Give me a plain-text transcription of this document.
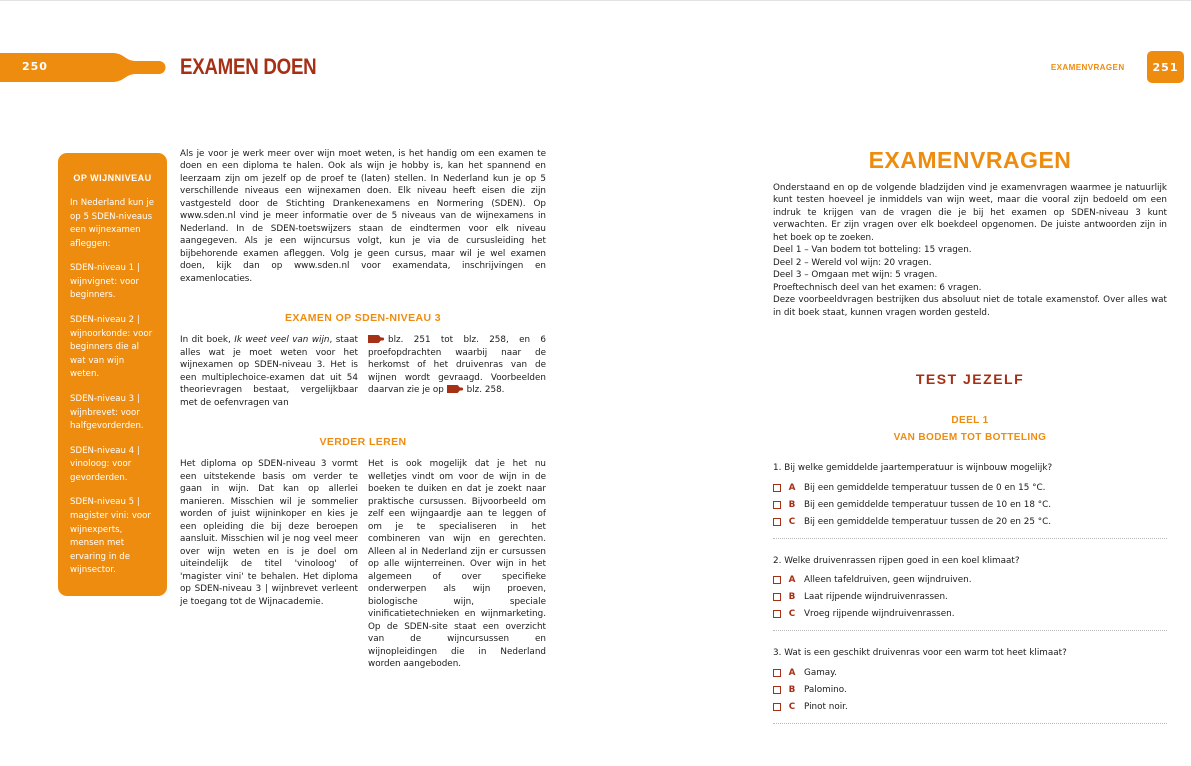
250	EXAMEN DOEN	EXAMENVRAGEN	251
OP WIJNNIVEAU

In Nederland kun je op 5 SDEN-niveaus een wijnexamen afleggen:

SDEN-niveau 1 | wijnvignet: voor beginners.

SDEN-niveau 2 | wijnoorkonde: voor beginners die al wat van wijn weten.

SDEN-niveau 3 | wijnbrevet: voor halfgevorderden.

SDEN-niveau 4 | vinoloog: voor gevorderden.

SDEN-niveau 5 | magister vini: voor wijnexperts, mensen met ervaring in de wijnsector.

Als je voor je werk meer over wijn moet weten, is het handig om een examen te doen en een diploma te halen. Ook als wijn je hobby is, kan het spannend en leerzaam zijn om jezelf op de proef te (laten) stellen. In Nederland kun je op 5 verschillende niveaus een wijnexamen doen. Elk niveau heeft eisen die zijn vastgesteld door de Stichting Drankenexamens en Normering (SDEN). Op www.sden.nl vind je meer informatie over de 5 niveaus van de wijnexamens in Nederland. In de SDEN-toetswijzers staan de eindtermen voor elk niveau aangegeven. Als je een wijncursus volgt, kun je via de cursusleiding het bijbehorende examen afleggen. Volg je geen cursus, maar wil je wel examen doen, kijk dan op www.sden.nl voor examendata, inschrijvingen en examenlocaties.

EXAMEN OP SDEN-NIVEAU 3

In dit boek, Ik weet veel van wijn, staat alles wat je moet weten voor het wijnexamen op SDEN-niveau 3. Het is een multiplechoice-examen dat uit 54 theorievragen bestaat, vergelijkbaar met de oefenvragen van

blz. 251 tot blz. 258, en 6 proefopdrachten waarbij naar de herkomst of het druivenras van de wijnen wordt gevraagd. Voorbeelden daarvan zie je op	blz. 258.

VERDER LEREN

Het diploma op SDEN-niveau 3 vormt een uitstekende basis om verder te gaan in wijn. Dat kan op allerlei manieren. Misschien wil je sommelier worden of juist wijninkoper en kies je een opleiding die bij deze beroepen aansluit. Misschien wil je nog veel meer over wijn weten en is je doel om uiteindelijk de titel 'vinoloog' of 'magister vini' te behalen. Het diploma op SDEN-niveau 3 | wijnbrevet verleent je toegang tot de Wijnacademie.

Het is ook mogelijk dat je het nu welletjes vindt om voor de wijn in de boeken te duiken en dat je zoekt naar praktische cursussen. Bijvoorbeeld om zelf een wijngaardje aan te leggen of om je te specialiseren in het combineren van wijn en gerechten. Alleen al in Nederland zijn er cursussen op alle wijnterreinen. Over wijn in het algemeen of over specifieke onderwerpen als wijn proeven, biologische wijn, speciale vinificatietechnieken en wijnmarketing. Op de SDEN-site staat een overzicht van de wijncursussen en wijnopleidingen die in Nederland worden aangeboden.

EXAMENVRAGEN

Onderstaand en op de volgende bladzijden vind je examenvragen waarmee je natuurlijk kunt testen hoeveel je inmiddels van wijn weet, maar die vooral zijn bedoeld om een indruk te krijgen van de vragen die je bij het examen op SDEN-niveau 3 kunt verwachten. Er zijn vragen over elk boekdeel opgenomen. De juiste antwoorden zijn in het boek op te zoeken.

Deel 1 – Van bodem tot botteling: 15 vragen.

Deel 2 – Wereld vol wijn: 20 vragen.

Deel 3 – Omgaan met wijn: 5 vragen.

Proeftechnisch deel van het examen: 6 vragen.

Deze voorbeeldvragen bestrijken dus absoluut niet de totale examenstof. Over alles wat in dit boek staat, kunnen vragen worden gesteld.

TEST JEZELF
DEEL 1
VAN BODEM TOT BOTTELING

1. Bij welke gemiddelde jaartemperatuur is wijnbouw mogelijk?

A Bij een gemiddelde temperatuur tussen de 0 en 15 °C.
B Bij een gemiddelde temperatuur tussen de 10 en 18 °C.
C Bij een gemiddelde temperatuur tussen de 20 en 25 °C.

2. Welke druivenrassen rijpen goed in een koel klimaat?

A Alleen tafeldruiven, geen wijndruiven.
B Laat rijpende wijndruivenrassen.
C Vroeg rijpende wijndruivenrassen.

3. Wat is een geschikt druivenras voor een warm tot heet klimaat?

A Gamay.
B Palomino.
C Pinot noir.
